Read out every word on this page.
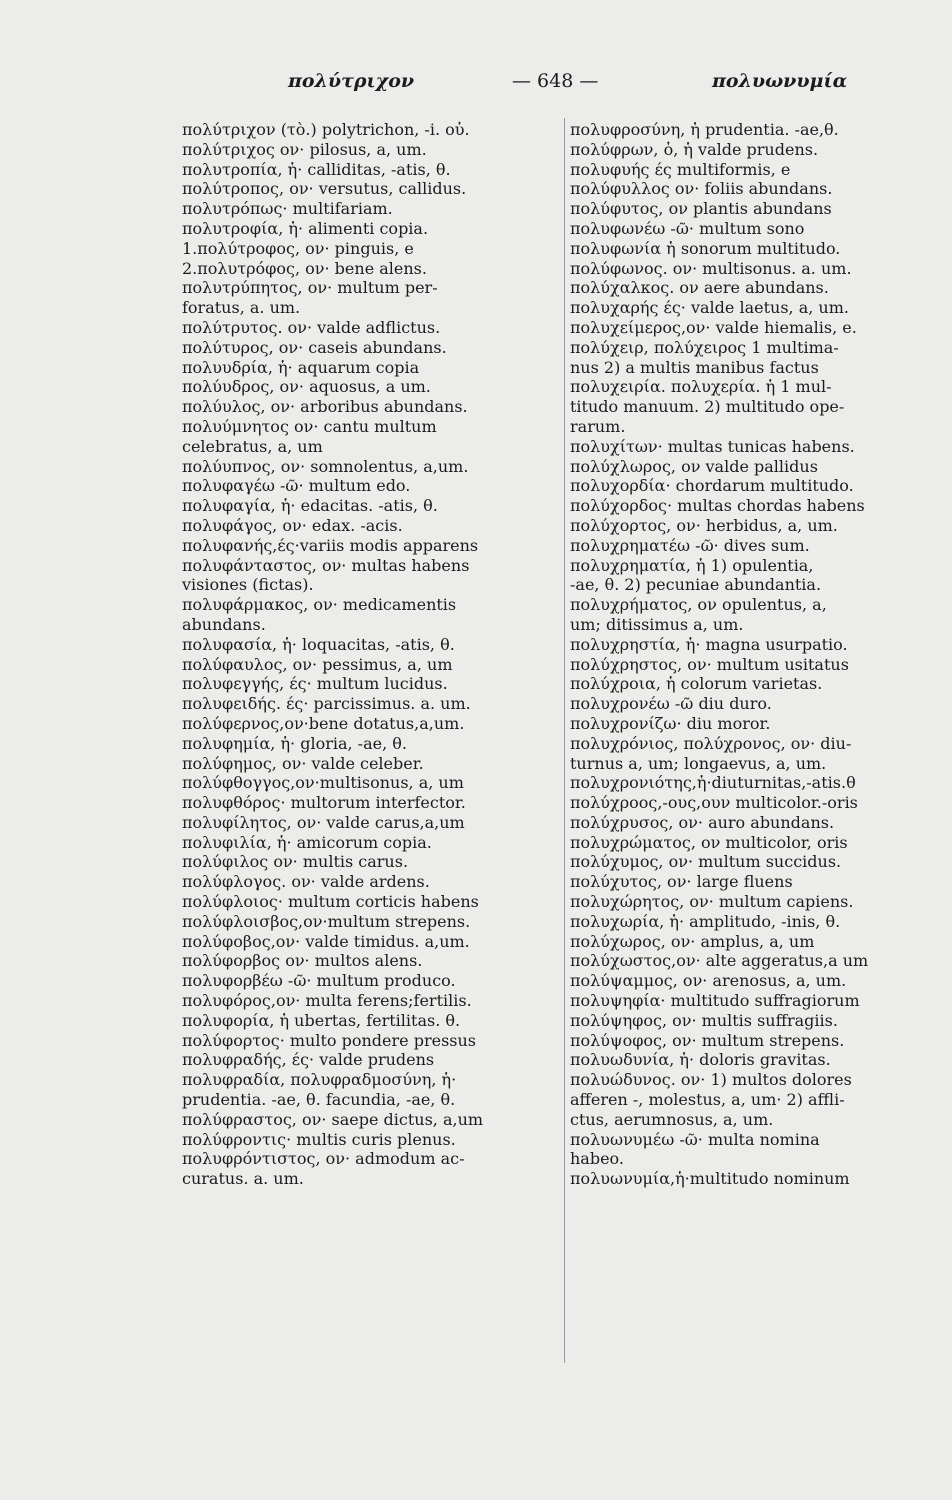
πολύτριχον	— 648 —	πολυωνυμία
πολύτριχον (τὸ.) polytrichon, -i. οὐ.
πολύτριχος ον· pilosus, a, um.
πολυτροπία, ἡ· calliditas, -atis, θ.
πολύτροπος, ον· versutus, callidus.
πολυτρόπως· multifariam.
πολυτροφία, ἡ· alimenti copia.
1.πολύτροφος, ον· pinguis, e
2.πολυτρόφος, ον· bene alens.
πολυτρύπητος, ον· multum per-
foratus, a. um.
πολύτρυτος. ον· valde adflictus.
πολύτυρος, ον· caseis abundans.
πολυυδρία, ἡ· aquarum copia
πολύυδρος, ον· aquosus, a um.
πολύυλος, ον· arboribus abundans.
πολυύμνητος ον· cantu multum
celebratus, a, um
πολύυπνος, ον· somnolentus, a,um.
πολυφαγέω -ῶ· multum edo.
πολυφαγία, ἡ· edacitas. -atis, θ.
πολυφάγος, ον· edax. -acis.
πολυφανής,ές·variis modis apparens
πολυφάνταστος, ον· multas habens
visiones (fictas).
πολυφάρμακος, ον· medicamentis
abundans.
πολυφασία, ἡ· loquacitas, -atis, θ.
πολύφαυλος, ον· pessimus, a, um
πολυφεγγής, ές· multum lucidus.
πολυφειδής. ές· parcissimus. a. um.
πολύφερνος,ον·bene dotatus,a,um.
πολυφημία, ἡ· gloria, -ae, θ.
πολύφημος, ον· valde celeber.
πολύφθογγος,ον·multisonus, a, um
πολυφθόρος· multorum interfector.
πολυφίλητος, ον· valde carus,a,um
πολυφιλία, ἡ· amicorum copia.
πολύφιλος ον· multis carus.
πολύφλογος. ον· valde ardens.
πολύφλοιος· multum corticis habens
πολύφλοισβος,ον·multum strepens.
πολύφοβος,ον· valde timidus. a,um.
πολύφορβος ον· multos alens.
πολυφορβέω -ῶ· multum produco.
πολυφόρος,ον· multa ferens;fertilis.
πολυφορία, ἡ ubertas, fertilitas. θ.
πολύφορτος· multo pondere pressus
πολυφραδής, ές· valde prudens
πολυφραδία, πολυφραδμοσύνη, ἡ·
prudentia. -ae, θ. facundia, -ae, θ.
πολύφραστος, ον· saepe dictus, a,um
πολύφροντις· multis curis plenus.
πολυφρόντιστος, ον· admodum ac-
curatus. a. um.
πολυφροσύνη, ἡ prudentia. -ae,θ.
πολύφρων, ὁ, ἡ valde prudens.
πολυφυής ές multiformis, e
πολύφυλλος ον· foliis abundans.
πολύφυτος, ον plantis abundans
πολυφωνέω -ῶ· multum sono
πολυφωνία ἡ sonorum multitudo.
πολύφωνος. ον· multisonus. a. um.
πολύχαλκος. ον aere abundans.
πολυχαρής ές· valde laetus, a, um.
πολυχείμερος,ον· valde hiemalis, e.
πολύχειρ, πολύχειρος 1 multima-
nus 2) a multis manibus factus
πολυχειρία. πολυχερία. ἡ 1 mul-
titudo manuum. 2) multitudo ope-
rarum.
πολυχίτων· multas tunicas habens.
πολύχλωρος, ον valde pallidus
πολυχορδία· chordarum multitudo.
πολύχορδος· multas chordas habens
πολύχορτος, ον· herbidus, a, um.
πολυχρηματέω -ῶ· dives sum.
πολυχρηματία, ἡ 1) opulentia,
-ae, θ. 2) pecuniae abundantia.
πολυχρήματος, ον opulentus, a,
um; ditissimus a, um.
πολυχρηστία, ἡ· magna usurpatio.
πολύχρηστος, ον· multum usitatus
πολύχροια, ἡ colorum varietas.
πολυχρονέω -ῶ diu duro.
πολυχρονίζω· diu moror.
πολυχρόνιος, πολύχρονος, ον· diu-
turnus a, um; longaevus, a, um.
πολυχρονιότης,ἡ·diuturnitas,-atis.θ
πολύχροος,-ους,ουν multicolor.-oris
πολύχρυσος, ον· auro abundans.
πολυχρώματος, ον multicolor, oris
πολύχυμος, ον· multum succidus.
πολύχυτος, ον· large fluens
πολυχώρητος, ον· multum capiens.
πολυχωρία, ἡ· amplitudo, -inis, θ.
πολύχωρος, ον· amplus, a, um
πολύχωστος,ον· alte aggeratus,a um
πολύψαμμος, ον· arenosus, a, um.
πολυψηφία· multitudo suffragiorum
πολύψηφος, ον· multis suffragiis.
πολύψοφος, ον· multum strepens.
πολυωδυνία, ἡ· doloris gravitas.
πολυώδυνος. ον· 1) multos dolores
afferen -, molestus, a, um· 2) affli-
ctus, aerumnosus, a, um.
πολυωνυμέω -ῶ· multa nomina
habeo.
πολυωνυμία,ἡ·multitudo nominum
